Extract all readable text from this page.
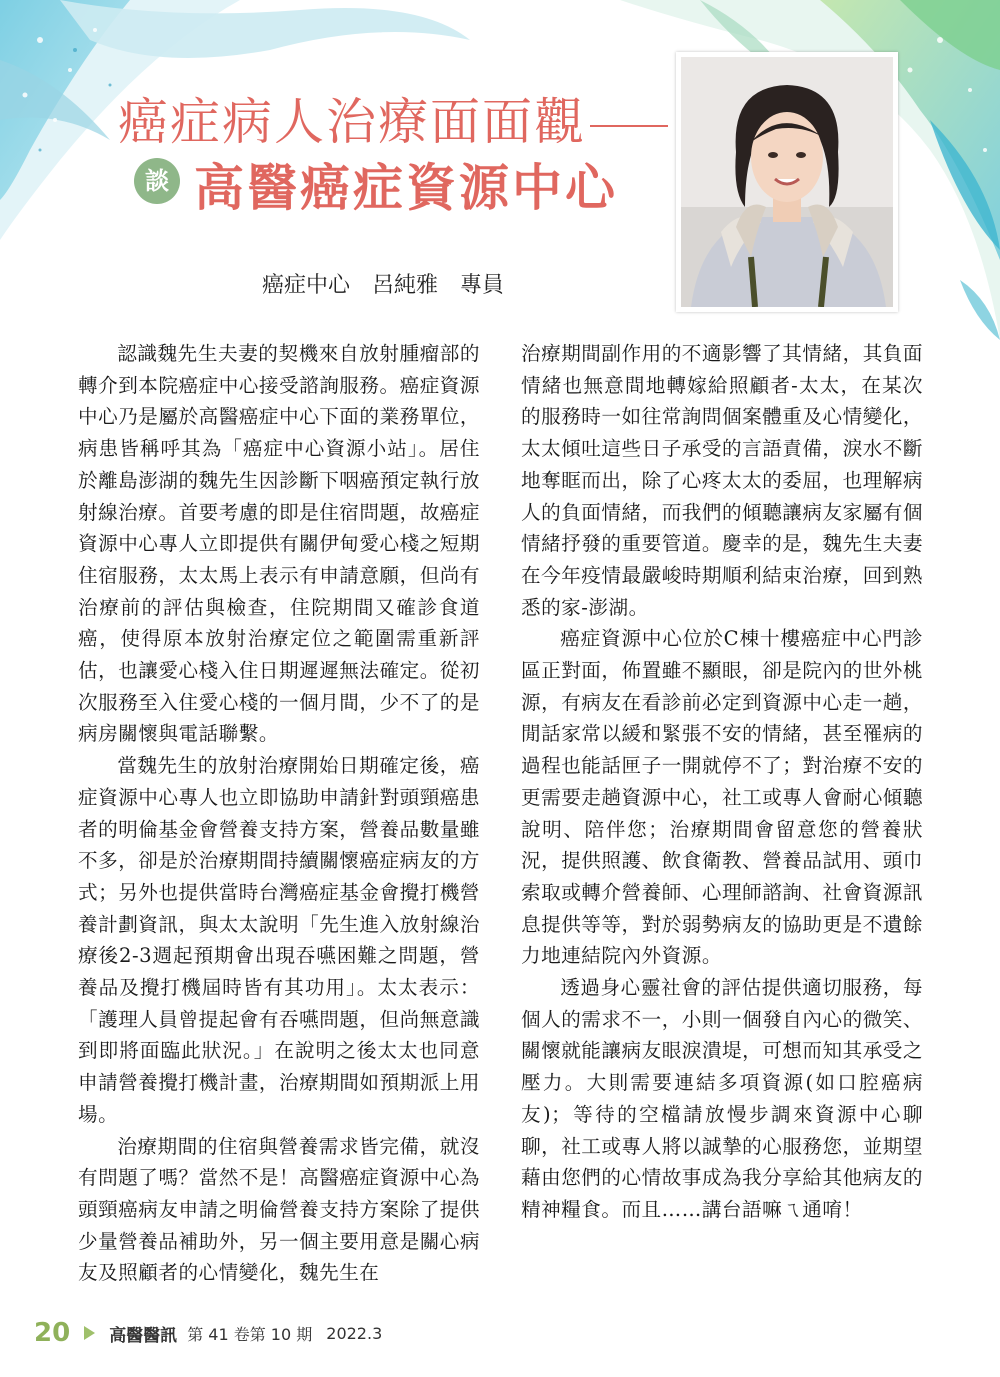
癌症病人治療面面觀
談 高醫癌症資源中心
癌症中心 呂純雅 專員

認識魏先生夫妻的契機來自放射腫瘤部的轉介到本院癌症中心接受諮詢服務。癌症資源中心乃是屬於高醫癌症中心下面的業務單位，病患皆稱呼其為「癌症中心資源小站」。居住於離島澎湖的魏先生因診斷下咽癌預定執行放射線治療。首要考慮的即是住宿問題，故癌症資源中心專人立即提供有關伊甸愛心棧之短期住宿服務，太太馬上表示有申請意願，但尚有治療前的評估與檢查，住院期間又確診食道癌，使得原本放射治療定位之範圍需重新評估，也讓愛心棧入住日期遲遲無法確定。從初次服務至入住愛心棧的一個月間，少不了的是病房關懷與電話聯繫。

當魏先生的放射治療開始日期確定後，癌症資源中心專人也立即協助申請針對頭頸癌患者的明倫基金會營養支持方案，營養品數量雖不多，卻是於治療期間持續關懷癌症病友的方式；另外也提供當時台灣癌症基金會攪打機營養計劃資訊，與太太說明「先生進入放射線治療後2-3週起預期會出現吞嚥困難之問題，營養品及攪打機屆時皆有其功用」。太太表示：「護理人員曾提起會有吞嚥問題，但尚無意識到即將面臨此狀況。」在說明之後太太也同意申請營養攪打機計畫，治療期間如預期派上用場。

治療期間的住宿與營養需求皆完備，就沒有問題了嗎？當然不是！高醫癌症資源中心為頭頸癌病友申請之明倫營養支持方案除了提供少量營養品補助外，另一個主要用意是關心病友及照顧者的心情變化，魏先生在

治療期間副作用的不適影響了其情緒，其負面情緒也無意間地轉嫁給照顧者-太太，在某次的服務時一如往常詢問個案體重及心情變化，太太傾吐這些日子承受的言語責備，淚水不斷地奪眶而出，除了心疼太太的委屈，也理解病人的負面情緒，而我們的傾聽讓病友家屬有個情緒抒發的重要管道。慶幸的是，魏先生夫妻在今年疫情最嚴峻時期順利結束治療，回到熟悉的家-澎湖。

癌症資源中心位於C棟十樓癌症中心門診區正對面，佈置雖不顯眼，卻是院內的世外桃源，有病友在看診前必定到資源中心走一趟，閒話家常以緩和緊張不安的情緒，甚至罹病的過程也能話匣子一開就停不了；對治療不安的更需要走趟資源中心，社工或專人會耐心傾聽說明、陪伴您；治療期間會留意您的營養狀況，提供照護、飲食衛教、營養品試用、頭巾索取或轉介營養師、心理師諮詢、社會資源訊息提供等等，對於弱勢病友的協助更是不遺餘力地連結院內外資源。

透過身心靈社會的評估提供適切服務，每個人的需求不一，小則一個發自內心的微笑、關懷就能讓病友眼淚潰堤，可想而知其承受之壓力。大則需要連結多項資源(如口腔癌病友)；等待的空檔請放慢步調來資源中心聊聊，社工或專人將以誠摯的心服務您，並期望藉由您們的心情故事成為我分享給其他病友的精神糧食。而且……講台語嘛ㄟ通唷！

20 高醫醫訊 第 41 卷第 10 期 2022.3
